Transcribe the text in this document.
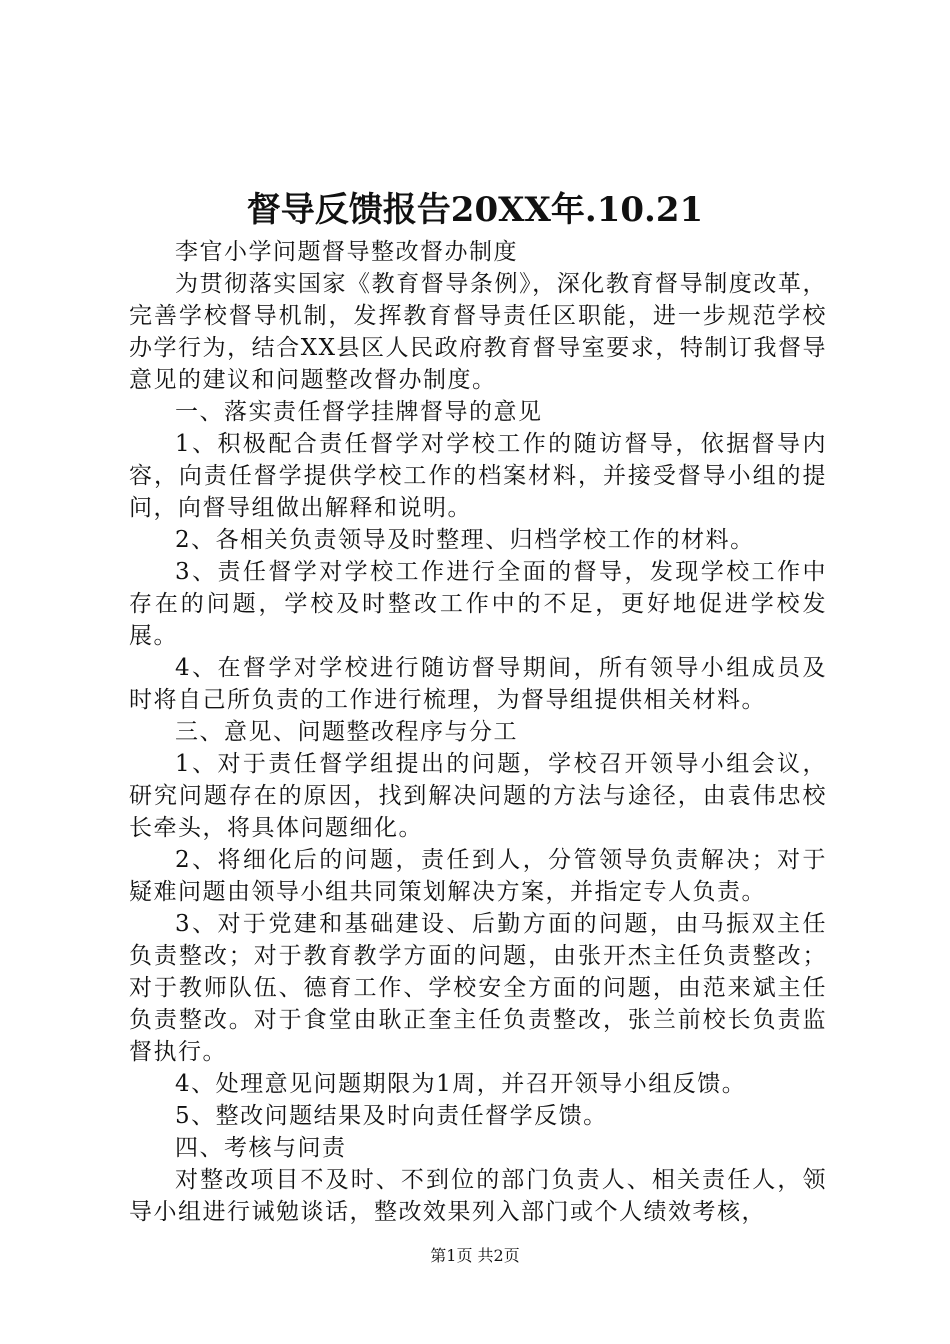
督导反馈报告20XX年.10.21

李官小学问题督导整改督办制度

为贯彻落实国家《教育督导条例》，深化教育督导制度改革，完善学校督导机制，发挥教育督导责任区职能，进一步规范学校办学行为，结合XX县区人民政府教育督导室要求，特制订我督导意见的建议和问题整改督办制度。

一、落实责任督学挂牌督导的意见

1、积极配合责任督学对学校工作的随访督导，依据督导内容，向责任督学提供学校工作的档案材料，并接受督导小组的提问，向督导组做出解释和说明。

2、各相关负责领导及时整理、归档学校工作的材料。

3、责任督学对学校工作进行全面的督导，发现学校工作中存在的问题，学校及时整改工作中的不足，更好地促进学校发展。

4、在督学对学校进行随访督导期间，所有领导小组成员及时将自己所负责的工作进行梳理，为督导组提供相关材料。

三、意见、问题整改程序与分工

1、对于责任督学组提出的问题，学校召开领导小组会议，研究问题存在的原因，找到解决问题的方法与途径，由袁伟忠校长牵头，将具体问题细化。

2、将细化后的问题，责任到人，分管领导负责解决；对于疑难问题由领导小组共同策划解决方案，并指定专人负责。

3、对于党建和基础建设、后勤方面的问题，由马振双主任负责整改；对于教育教学方面的问题，由张开杰主任负责整改；对于教师队伍、德育工作、学校安全方面的问题，由范来斌主任负责整改。对于食堂由耿正奎主任负责整改，张兰前校长负责监督执行。

4、处理意见问题期限为1周，并召开领导小组反馈。

5、整改问题结果及时向责任督学反馈。

四、考核与问责

对整改项目不及时、不到位的部门负责人、相关责任人，领导小组进行诫勉谈话，整改效果列入部门或个人绩效考核，

第1页 共2页
